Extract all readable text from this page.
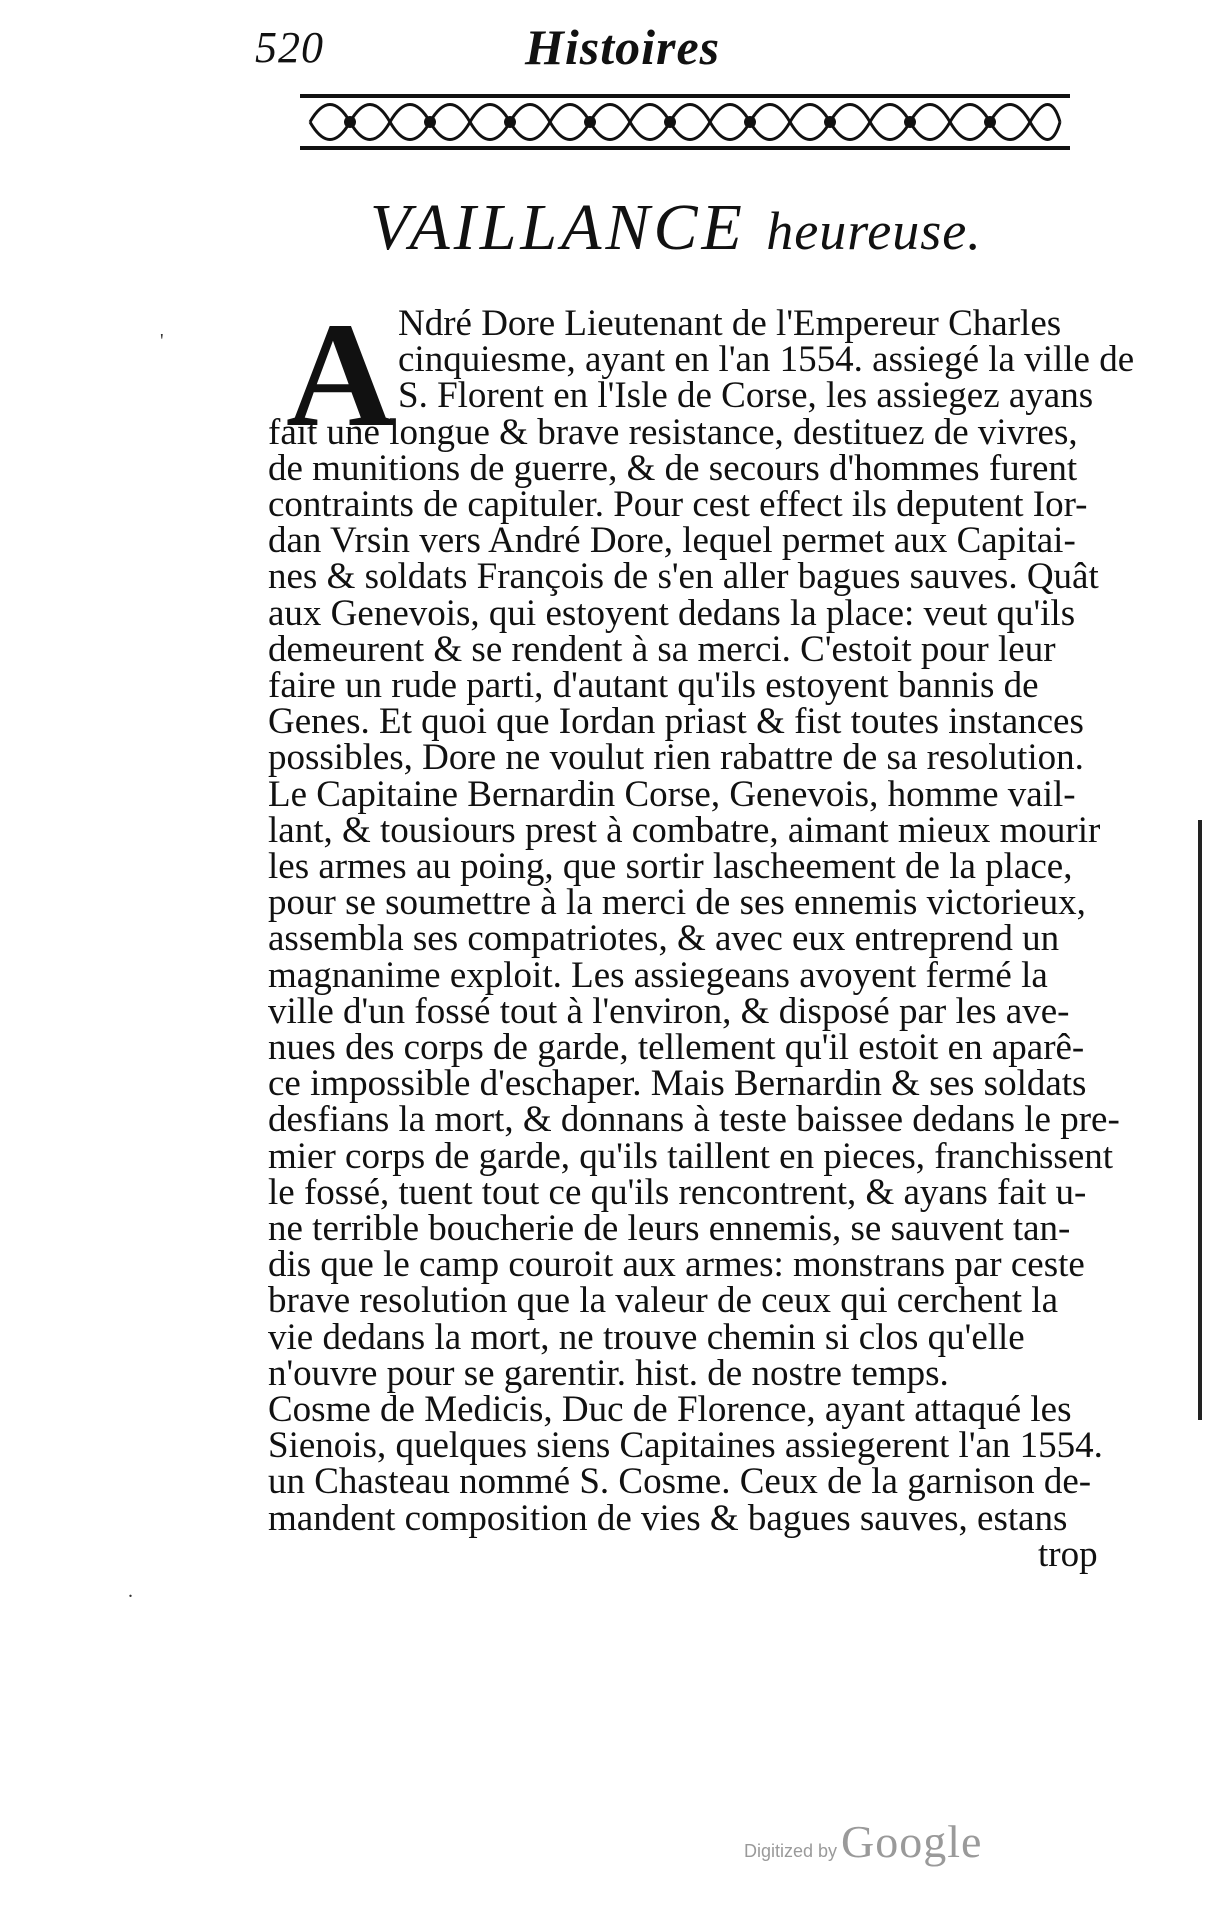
520	Histoires
VAILLANCE heureuse.
A Ndré Dore Lieutenant de l'Empereur Charles
cinquiesme, ayant en l'an 1554. assiegé la ville de
S. Florent en l'Isle de Corse, les assiegez ayans
fait une longue & brave resistance, destituez de vivres,
de munitions de guerre, & de secours d'hommes furent
contraints de capituler. Pour cest effect ils deputent Ior-
dan Vrsin vers André Dore, lequel permet aux Capitai-
nes & soldats François de s'en aller bagues sauves. Quât
aux Genevois, qui estoyent dedans la place: veut qu'ils
demeurent & se rendent à sa merci. C'estoit pour leur
faire un rude parti, d'autant qu'ils estoyent bannis de
Genes. Et quoi que Iordan priast & fist toutes instances
possibles, Dore ne voulut rien rabattre de sa resolution.
Le Capitaine Bernardin Corse, Genevois, homme vail-
lant, & tousiours prest à combatre, aimant mieux mourir
les armes au poing, que sortir lascheement de la place,
pour se soumettre à la merci de ses ennemis victorieux,
assembla ses compatriotes, & avec eux entreprend un
magnanime exploit. Les assiegeans avoyent fermé la
ville d'un fossé tout à l'environ, & disposé par les ave-
nues des corps de garde, tellement qu'il estoit en aparê-
ce impossible d'eschaper. Mais Bernardin & ses soldats
desfians la mort, & donnans à teste baissee dedans le pre-
mier corps de garde, qu'ils taillent en pieces, franchissent
le fossé, tuent tout ce qu'ils rencontrent, & ayans fait u-
ne terrible boucherie de leurs ennemis, se sauvent tan-
dis que le camp couroit aux armes: monstrans par ceste
brave resolution que la valeur de ceux qui cerchent la
vie dedans la mort, ne trouve chemin si clos qu'elle
n'ouvre pour se garentir. hist. de nostre temps.
Cosme de Medicis, Duc de Florence, ayant attaqué les
Sienois, quelques siens Capitaines assiegerent l'an 1554.
un Chasteau nommé S. Cosme. Ceux de la garnison de-
mandent composition de vies & bagues sauves, estans
trop
'
.
Digitized by Google
